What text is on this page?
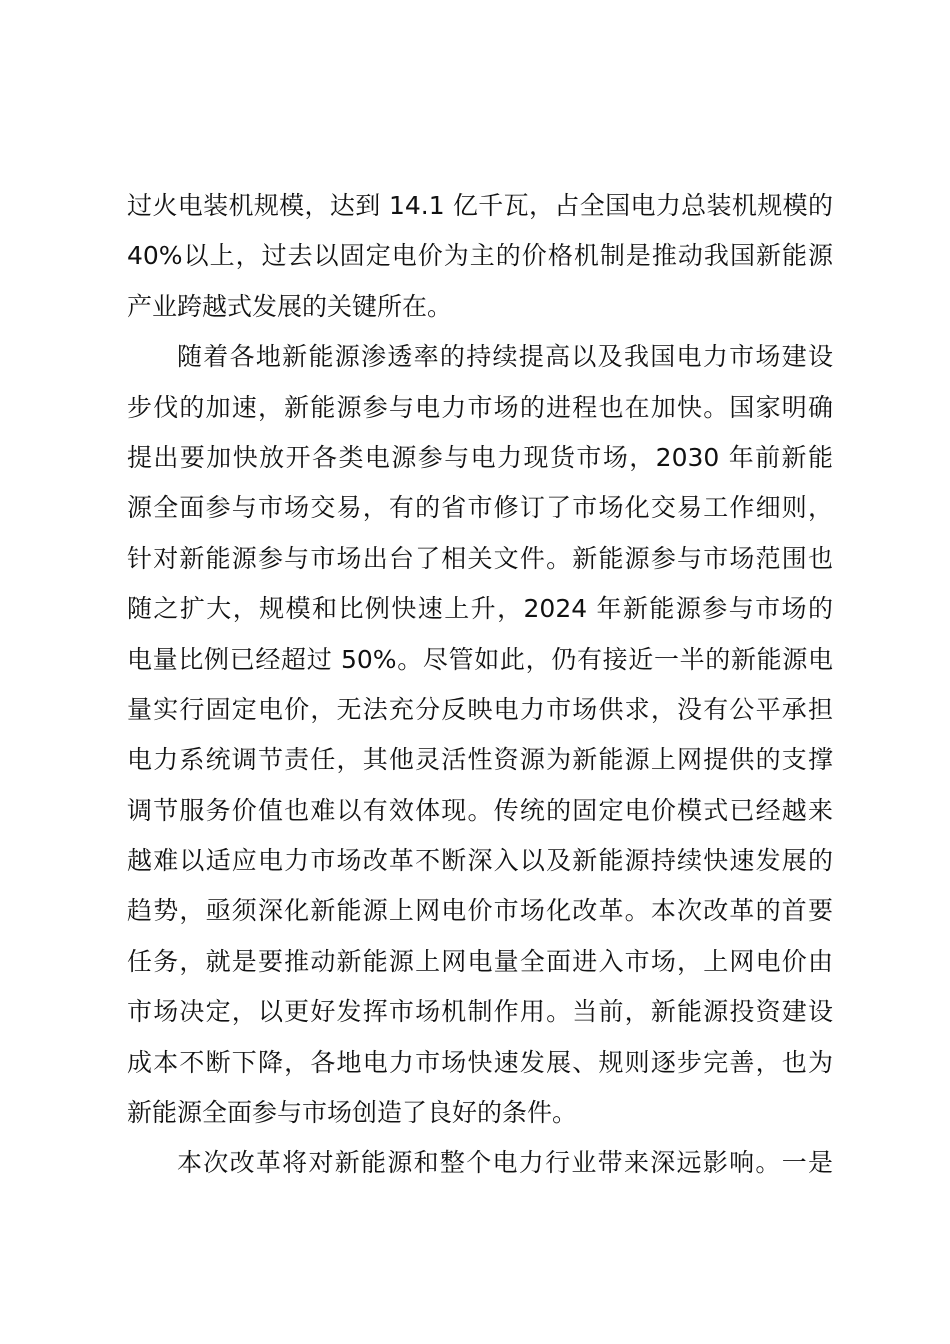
过火电装机规模，达到 14.1 亿千瓦，占全国电力总装机规模的
40%以上，过去以固定电价为主的价格机制是推动我国新能源
产业跨越式发展的关键所在。
随着各地新能源渗透率的持续提高以及我国电力市场建设
步伐的加速，新能源参与电力市场的进程也在加快。国家明确
提出要加快放开各类电源参与电力现货市场，2030 年前新能
源全面参与市场交易，有的省市修订了市场化交易工作细则，
针对新能源参与市场出台了相关文件。新能源参与市场范围也
随之扩大，规模和比例快速上升，2024 年新能源参与市场的
电量比例已经超过 50%。尽管如此，仍有接近一半的新能源电
量实行固定电价，无法充分反映电力市场供求，没有公平承担
电力系统调节责任，其他灵活性资源为新能源上网提供的支撑
调节服务价值也难以有效体现。传统的固定电价模式已经越来
越难以适应电力市场改革不断深入以及新能源持续快速发展的
趋势，亟须深化新能源上网电价市场化改革。本次改革的首要
任务，就是要推动新能源上网电量全面进入市场，上网电价由
市场决定，以更好发挥市场机制作用。当前，新能源投资建设
成本不断下降，各地电力市场快速发展、规则逐步完善，也为
新能源全面参与市场创造了良好的条件。
本次改革将对新能源和整个电力行业带来深远影响。一是
